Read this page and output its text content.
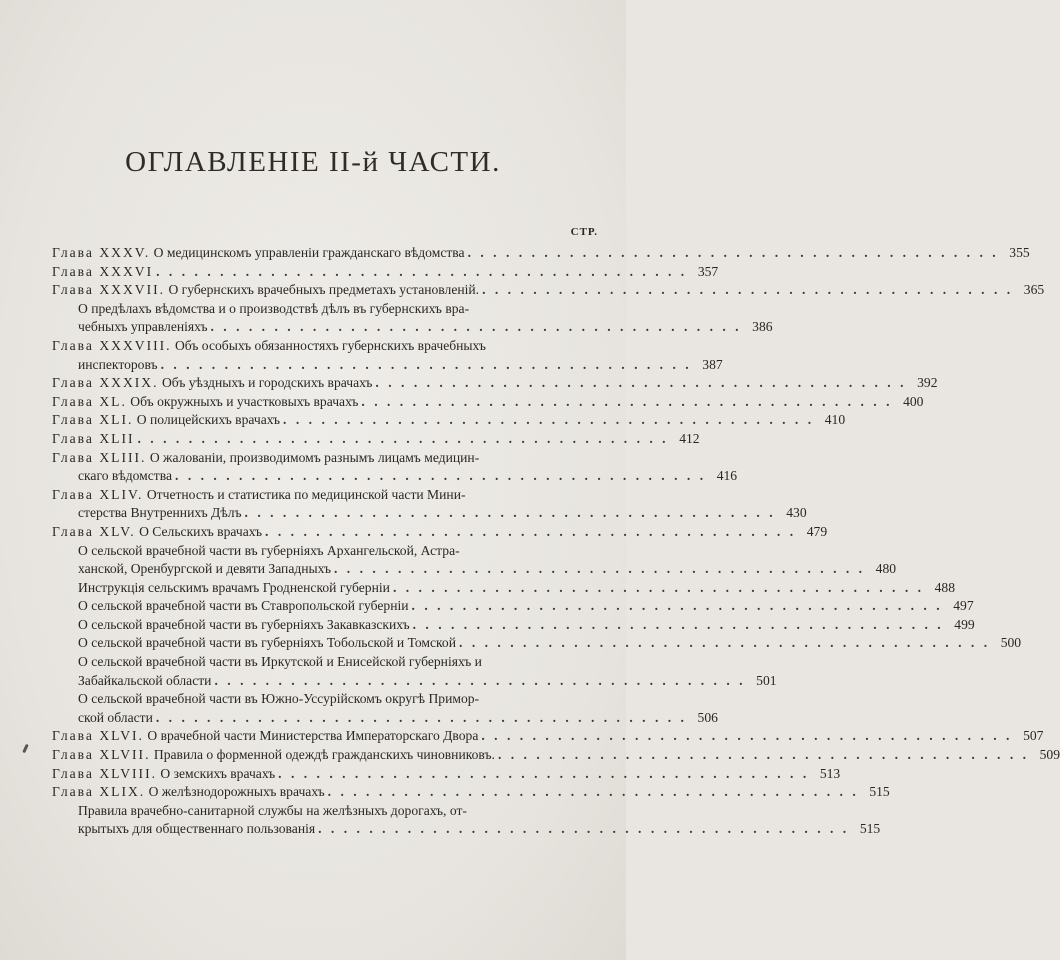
ОГЛАВЛЕНІЕ II-й ЧАСТИ.
СТР.
Глава XXXV. О медицинскомъ управленіи гражданскаго вѣдомства . . . . . . . . . . . . . . . . . . . . . . . . . . . . . . . . . . . . . . . . . . 355
Глава XXXVI . . . . . . . . . . . . . . . . . . . . . . . . . . . . . . . . . . . . . . . . . . 357
Глава XXXVII. О губернскихъ врачебныхъ предметахъ установленій. . . . . . . . . . . . . . . . . . . . . . . . . . . . . . . . . . . . . . . . . . . 365
О предѣлахъ вѣдомства и о производствѣ дѣлъ въ губернскихъ вра-
чебныхъ управленіяхъ . . . . . . . . . . . . . . . . . . . . . . . . . . . . . . . . . . . . . . . . . . 386
Глава XXXVIII. Объ особыхъ обязанностяхъ губернскихъ врачебныхъ
инспекторовъ . . . . . . . . . . . . . . . . . . . . . . . . . . . . . . . . . . . . . . . . . . 387
Глава XXXIX. Объ уѣздныхъ и городскихъ врачахъ . . . . . . . . . . . . . . . . . . . . . . . . . . . . . . . . . . . . . . . . . . 392
Глава XL. Объ окружныхъ и участковыхъ врачахъ . . . . . . . . . . . . . . . . . . . . . . . . . . . . . . . . . . . . . . . . . . 400
Глава XLI. О полицейскихъ врачахъ . . . . . . . . . . . . . . . . . . . . . . . . . . . . . . . . . . . . . . . . . . 410
Глава XLII . . . . . . . . . . . . . . . . . . . . . . . . . . . . . . . . . . . . . . . . . . 412
Глава XLIII. О жалованіи, производимомъ разнымъ лицамъ медицин-
скаго вѣдомства . . . . . . . . . . . . . . . . . . . . . . . . . . . . . . . . . . . . . . . . . . 416
Глава XLIV. Отчетность и статистика по медицинской части Мини-
стерства Внутреннихъ Дѣлъ . . . . . . . . . . . . . . . . . . . . . . . . . . . . . . . . . . . . . . . . . . 430
Глава XLV. О Сельскихъ врачахъ . . . . . . . . . . . . . . . . . . . . . . . . . . . . . . . . . . . . . . . . . . 479
О сельской врачебной части въ губерніяхъ Архангельской, Астра-
ханской, Оренбургской и девяти Западныхъ . . . . . . . . . . . . . . . . . . . . . . . . . . . . . . . . . . . . . . . . . . 480
Инструкція сельскимъ врачамъ Гродненской губерніи . . . . . . . . . . . . . . . . . . . . . . . . . . . . . . . . . . . . . . . . . . 488
О сельской врачебной части въ Ставропольской губерніи . . . . . . . . . . . . . . . . . . . . . . . . . . . . . . . . . . . . . . . . . . 497
О сельской врачебной части въ губерніяхъ Закавказскихъ . . . . . . . . . . . . . . . . . . . . . . . . . . . . . . . . . . . . . . . . . . 499
О сельской врачебной части въ губерніяхъ Тобольской и Томской . . . . . . . . . . . . . . . . . . . . . . . . . . . . . . . . . . . . . . . . . . 500
О сельской врачебной части въ Иркутской и Енисейской губерніяхъ и
Забайкальской области . . . . . . . . . . . . . . . . . . . . . . . . . . . . . . . . . . . . . . . . . . 501
О сельской врачебной части въ Южно-Уссурійскомъ округѣ Примор-
ской области . . . . . . . . . . . . . . . . . . . . . . . . . . . . . . . . . . . . . . . . . . 506
Глава XLVI. О врачебной части Министерства Императорскаго Двора . . . . . . . . . . . . . . . . . . . . . . . . . . . . . . . . . . . . . . . . . . 507
Глава XLVII. Правила о форменной одеждѣ гражданскихъ чиновниковъ. . . . . . . . . . . . . . . . . . . . . . . . . . . . . . . . . . . . . . . . . . . 509
Глава XLVIII. О земскихъ врачахъ . . . . . . . . . . . . . . . . . . . . . . . . . . . . . . . . . . . . . . . . . . 513
Глава XLIX. О желѣзнодорожныхъ врачахъ . . . . . . . . . . . . . . . . . . . . . . . . . . . . . . . . . . . . . . . . . . 515
Правила врачебно-санитарной службы на желѣзныхъ дорогахъ, от-
крытыхъ для общественнаго пользованія . . . . . . . . . . . . . . . . . . . . . . . . . . . . . . . . . . . . . . . . . . 515
